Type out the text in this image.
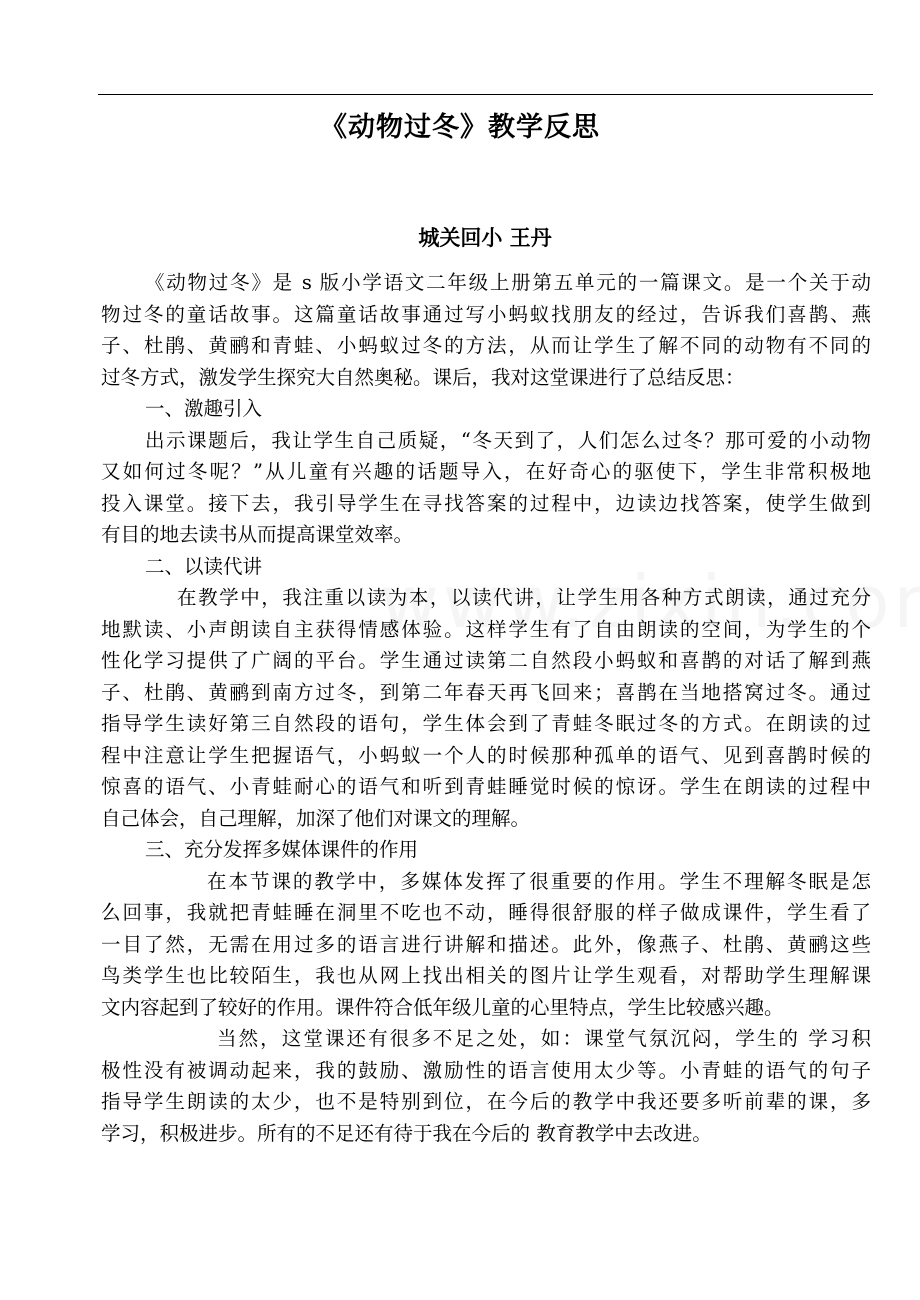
《动物过冬》教学反思
城关回小 王丹
《动物过冬》是 s 版小学语文二年级上册第五单元的一篇课文。是一个关于动
物过冬的童话故事。这篇童话故事通过写小蚂蚁找朋友的经过，告诉我们喜鹊、燕
子、杜鹃、黄鹂和青蛙、小蚂蚁过冬的方法，从而让学生了解不同的动物有不同的
过冬方式，激发学生探究大自然奥秘。课后，我对这堂课进行了总结反思：
一、激趣引入
出示课题后，我让学生自己质疑，“冬天到了，人们怎么过冬？那可爱的小动物
又如何过冬呢？”从儿童有兴趣的话题导入，在好奇心的驱使下，学生非常积极地
投入课堂。接下去，我引导学生在寻找答案的过程中，边读边找答案，使学生做到
有目的地去读书从而提高课堂效率。
二、以读代讲
在教学中，我注重以读为本，以读代讲，让学生用各种方式朗读，通过充分
地默读、小声朗读自主获得情感体验。这样学生有了自由朗读的空间，为学生的个
性化学习提供了广阔的平台。学生通过读第二自然段小蚂蚁和喜鹊的对话了解到燕
子、杜鹃、黄鹂到南方过冬，到第二年春天再飞回来；喜鹊在当地搭窝过冬。通过
指导学生读好第三自然段的语句，学生体会到了青蛙冬眠过冬的方式。在朗读的过
程中注意让学生把握语气，小蚂蚁一个人的时候那种孤单的语气、见到喜鹊时候的
惊喜的语气、小青蛙耐心的语气和听到青蛙睡觉时候的惊讶。学生在朗读的过程中
自己体会，自己理解，加深了他们对课文的理解。
三、充分发挥多媒体课件的作用
在本节课的教学中，多媒体发挥了很重要的作用。学生不理解冬眠是怎
么回事，我就把青蛙睡在洞里不吃也不动，睡得很舒服的样子做成课件，学生看了
一目了然，无需在用过多的语言进行讲解和描述。此外，像燕子、杜鹃、黄鹂这些
鸟类学生也比较陌生，我也从网上找出相关的图片让学生观看，对帮助学生理解课
文内容起到了较好的作用。课件符合低年级儿童的心里特点，学生比较感兴趣。
当然，这堂课还有很多不足之处，如：课堂气氛沉闷，学生的 学习积
极性没有被调动起来，我的鼓励、激励性的语言使用太少等。小青蛙的语气的句子
指导学生朗读的太少，也不是特别到位，在今后的教学中我还要多听前辈的课，多
学习，积极进步。所有的不足还有待于我在今后的 教育教学中去改进。
